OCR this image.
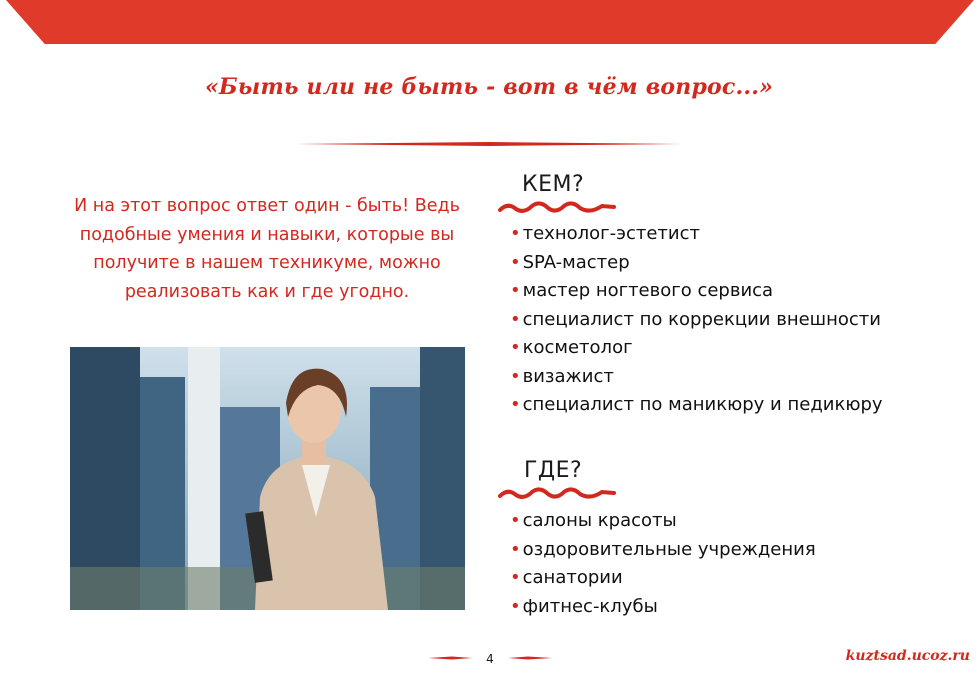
«Быть или не быть - вот в чём вопрос...»
И на этот вопрос ответ один - быть! Ведь подобные умения и навыки, которые вы получите в нашем техникуме, можно реализовать как и где угодно.
КЕМ?
• технолог-эстетист
• SPA-мастер
• мастер ногтевого сервиса
• специалист по коррекции внешности
• косметолог
• визажист
• специалист по маникюру и педикюру
ГДЕ?
• салоны красоты
• оздоровительные учреждения
• санатории
• фитнес-клубы
4	kuztsad.ucoz.ru
